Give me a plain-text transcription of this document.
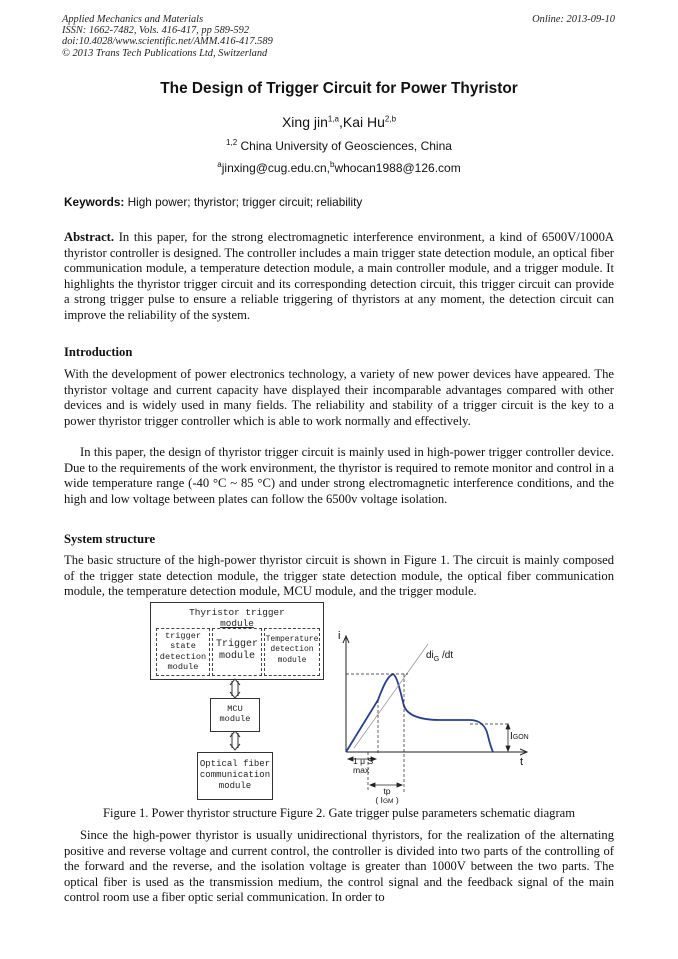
Applied Mechanics and Materials
ISSN: 1662-7482, Vols. 416-417, pp 589-592
doi:10.4028/www.scientific.net/AMM.416-417.589
© 2013 Trans Tech Publications Ltd, Switzerland
Online: 2013-09-10
The Design of Trigger Circuit for Power Thyristor
Xing jin$^{1,a}$,Kai Hu$^{2,b}$
$^{1,2}$ China University of Geosciences, China
$^a$jinxing@cug.edu.cn,$^b$whocan1988@126.com
Keywords: High power; thyristor; trigger circuit; reliability
Abstract. In this paper, for the strong electromagnetic interference environment, a kind of 6500V/1000A thyristor controller is designed. The controller includes a main trigger state detection module, an optical fiber communication module, a temperature detection module, a main controller module, and a trigger module. It highlights the thyristor trigger circuit and its corresponding detection circuit, this trigger circuit can provide a strong trigger pulse to ensure a reliable triggering of thyristors at any moment, the detection circuit can improve the reliability of the system.
Introduction
With the development of power electronics technology, a variety of new power devices have appeared. The thyristor voltage and current capacity have displayed their incomparable advantages compared with other devices and is widely used in many fields. The reliability and stability of a trigger circuit is the key to a power thyristor trigger controller which is able to work normally and effectively.
In this paper, the design of thyristor trigger circuit is mainly used in high-power trigger controller device. Due to the requirements of the work environment, the thyristor is required to remote monitor and control in a wide temperature range (-40 °C ~ 85 °C) and under strong electromagnetic interference conditions, and the high and low voltage between plates can follow the 6500v voltage isolation.
System structure
The basic structure of the high-power thyristor circuit is shown in Figure 1. The circuit is mainly composed of the trigger state detection module, the trigger state detection module, the optical fiber communication module, the temperature detection module, MCU module, and the trigger module.
Thyristor trigger
module
trigger
state
detection
module
Trigger
module
Temperature
detection
module
MCU
module
Optical fiber
communication
module
i
$di_G$ /dt
IGON
t
1 μ S
max
tp
( IGM )
Figure 1. Power thyristor structure Figure 2. Gate trigger pulse parameters schematic diagram
Since the high-power thyristor is usually unidirectional thyristors, for the realization of the alternating positive and reverse voltage and current control, the controller is divided into two parts of the controlling of the forward and the reverse, and the isolation voltage is greater than 1000V between the two parts. The optical fiber is used as the transmission medium, the control signal and the feedback signal of the main control room use a fiber optic serial communication. In order to
